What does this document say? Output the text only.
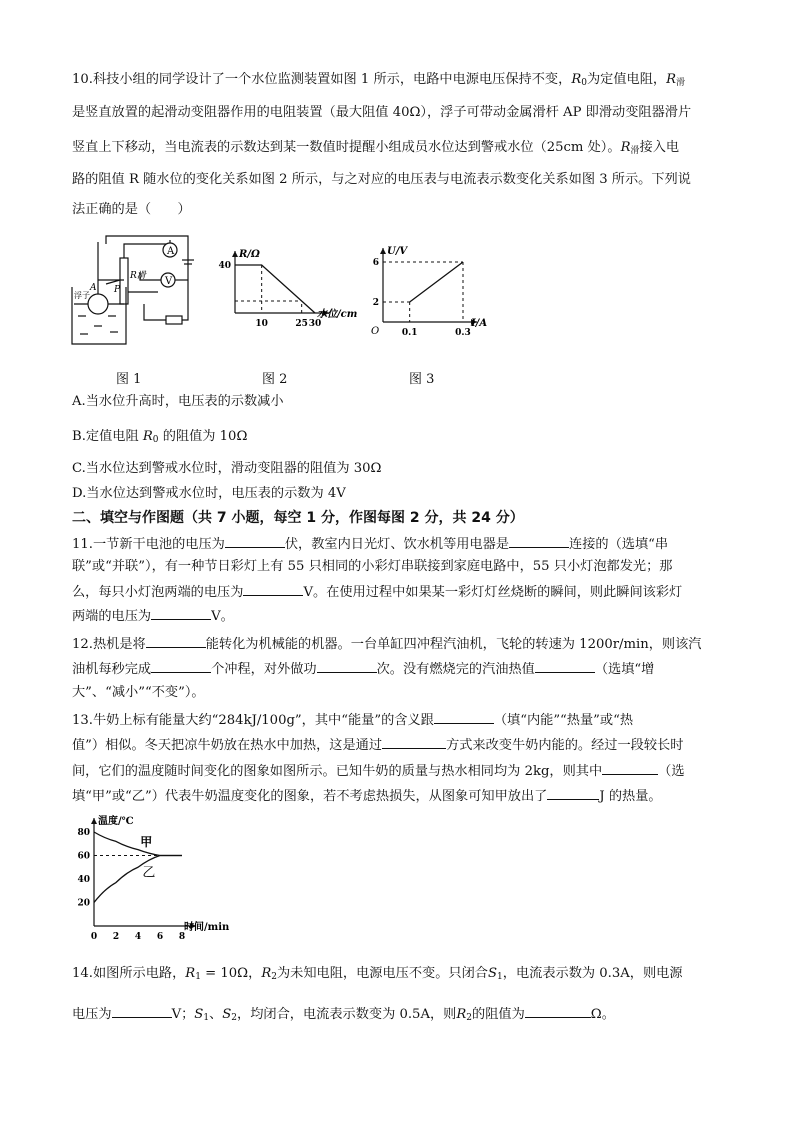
10.科技小组的同学设计了一个水位监测装置如图 1 所示，电路中电源电压保持不变，$R_0$为定值电阻，$R_滑$
是竖直放置的起滑动变阻器作用的电阻装置（最大阻值 40Ω），浮子可带动金属滑杆 AP 即滑动变阻器滑片
竖直上下移动，当电流表的示数达到某一数值时提醒小组成员水位达到警戒水位（25cm 处）。$R_滑$接入电
路的阻值 R 随水位的变化关系如图 2 所示，与之对应的电压表与电流表示数变化关系如图 3 所示。下列说
法正确的是（　　）
A
V
R滑
A P
浮子
R/Ω
水位/cm
10	25 30
40
U/V
I/A
O	0.1	0.3
2
6
图 1	图 2	图 3
A.当水位升高时，电压表的示数减小
B.定值电阻 $R_0$ 的阻值为 10Ω
C.当水位达到警戒水位时，滑动变阻器的阻值为 30Ω
D.当水位达到警戒水位时，电压表的示数为 4V
二、填空与作图题（共 7 小题，每空 1 分，作图每图 2 分，共 24 分）
11.一节新干电池的电压为	伏，教室内日光灯、饮水机等用电器是	连接的（选填“串
联”或“并联”），有一种节日彩灯上有 55 只相同的小彩灯串联接到家庭电路中，55 只小灯泡都发光；那
么，每只小灯泡两端的电压为	V。在使用过程中如果某一彩灯灯丝烧断的瞬间，则此瞬间该彩灯
两端的电压为	V。
12.热机是将	能转化为机械能的机器。一台单缸四冲程汽油机，飞轮的转速为 1200r/min，则该汽
油机每秒完成	个冲程，对外做功	次。没有燃烧完的汽油热值	（选填“增
大”、“减小”“不变”）。
13.牛奶上标有能量大约“284kJ/100g”，其中“能量”的含义跟	（填“内能”“热量”或“热
值”）相似。冬天把凉牛奶放在热水中加热，这是通过	方式来改变牛奶内能的。经过一段较长时
间，它们的温度随时间变化的图象如图所示。已知牛奶的质量与热水相同均为 2kg，则其中	（选
填“甲”或“乙”）代表牛奶温度变化的图象，若不考虑热损失，从图象可知甲放出了	J 的热量。
温度/℃
时间/min
0 2 4 6 8
20
40
60
80
甲
乙
14.如图所示电路，$R_1 = 10\Omega$，$R_2$为未知电阻，电源电压不变。只闭合$S_1$，电流表示数为 0.3A，则电源
电压为	V；$S_1$、$S_2$，均闭合，电流表示数变为 0.5A，则$R_2$的阻值为	Ω。
